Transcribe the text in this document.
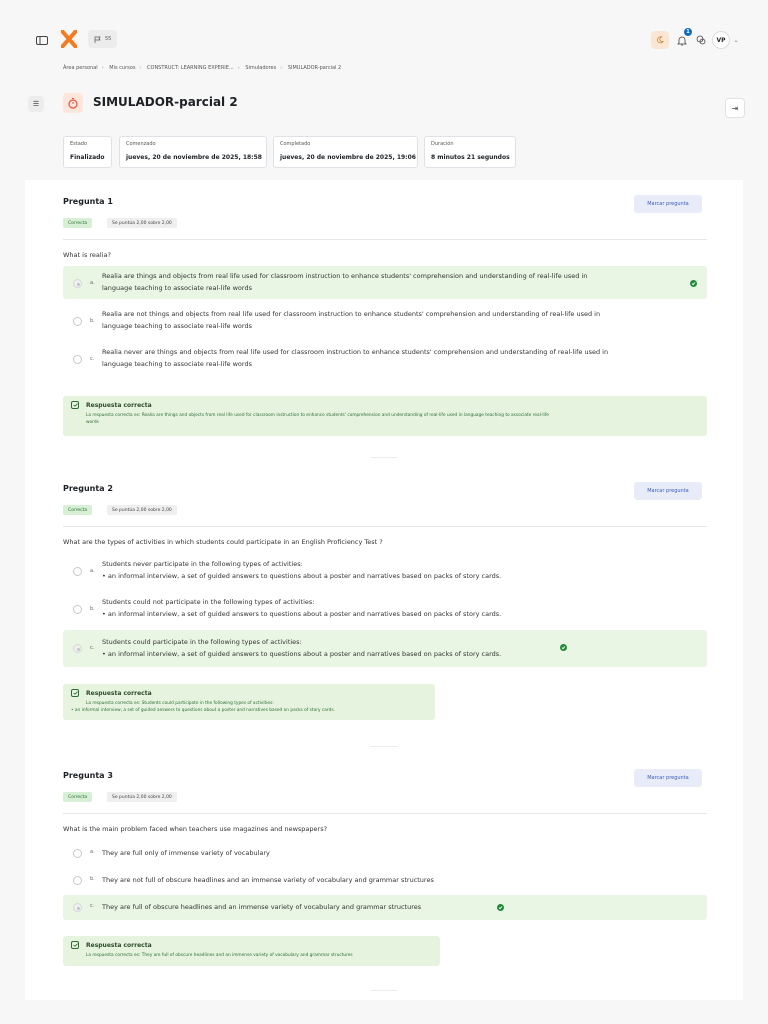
55
1
VP ⌄
Área personal › Mis cursos › CONSTRUCT: LEARNING EXPERIE... › Simuladores › SIMULADOR-parcial 2
☰	⇥
SIMULADOR-parcial 2
Estado
Finalizado
Comenzado
jueves, 20 de noviembre de 2025, 18:58
Completado
jueves, 20 de noviembre de 2025, 19:06
Duración
8 minutos 21 segundos
Pregunta 1	Marcar pregunta
Correcta	Se puntúa 2,00 sobre 2,00
What is realia?
a.
Realia are things and objects from real life used for classroom instruction to enhance students' comprehension and understanding of real-life used in
language teaching to associate real-life words
b.
Realia are not things and objects from real life used for classroom instruction to enhance students' comprehension and understanding of real-life used in
language teaching to associate real-life words
c.
Realia never are things and objects from real life used for classroom instruction to enhance students' comprehension and understanding of real-life used in
language teaching to associate real-life words
Respuesta correcta
La respuesta correcta es: Realia are things and objects from real life used for classroom instruction to enhance students' comprehension and understanding of real-life used in language teaching to associate real-life
words
Pregunta 2	Marcar pregunta
Correcta	Se puntúa 2,00 sobre 2,00
What are the types of activities in which students could participate in an English Proficiency Test ?
a.
Students never participate in the following types of activities:
• an informal interview, a set of guided answers to questions about a poster and narratives based on packs of story cards.
b.
Students could not participate in the following types of activities:
• an informal interview, a set of guided answers to questions about a poster and narratives based on packs of story cards.
c.
Students could participate in the following types of activities:
• an informal interview, a set of guided answers to questions about a poster and narratives based on packs of story cards.
Respuesta correcta
La respuesta correcta es: Students could participate in the following types of activities:
• an informal interview, a set of guided answers to questions about a poster and narratives based on packs of story cards.
Pregunta 3	Marcar pregunta
Correcta	Se puntúa 2,00 sobre 2,00
What is the main problem faced when teachers use magazines and newspapers?
a. They are full only of immense variety of vocabulary
b. They are not full of obscure headlines and an immense variety of vocabulary and grammar structures
c. They are full of obscure headlines and an immense variety of vocabulary and grammar structures
Respuesta correcta
La respuesta correcta es: They are full of obscure headlines and an immense variety of vocabulary and grammar structures
